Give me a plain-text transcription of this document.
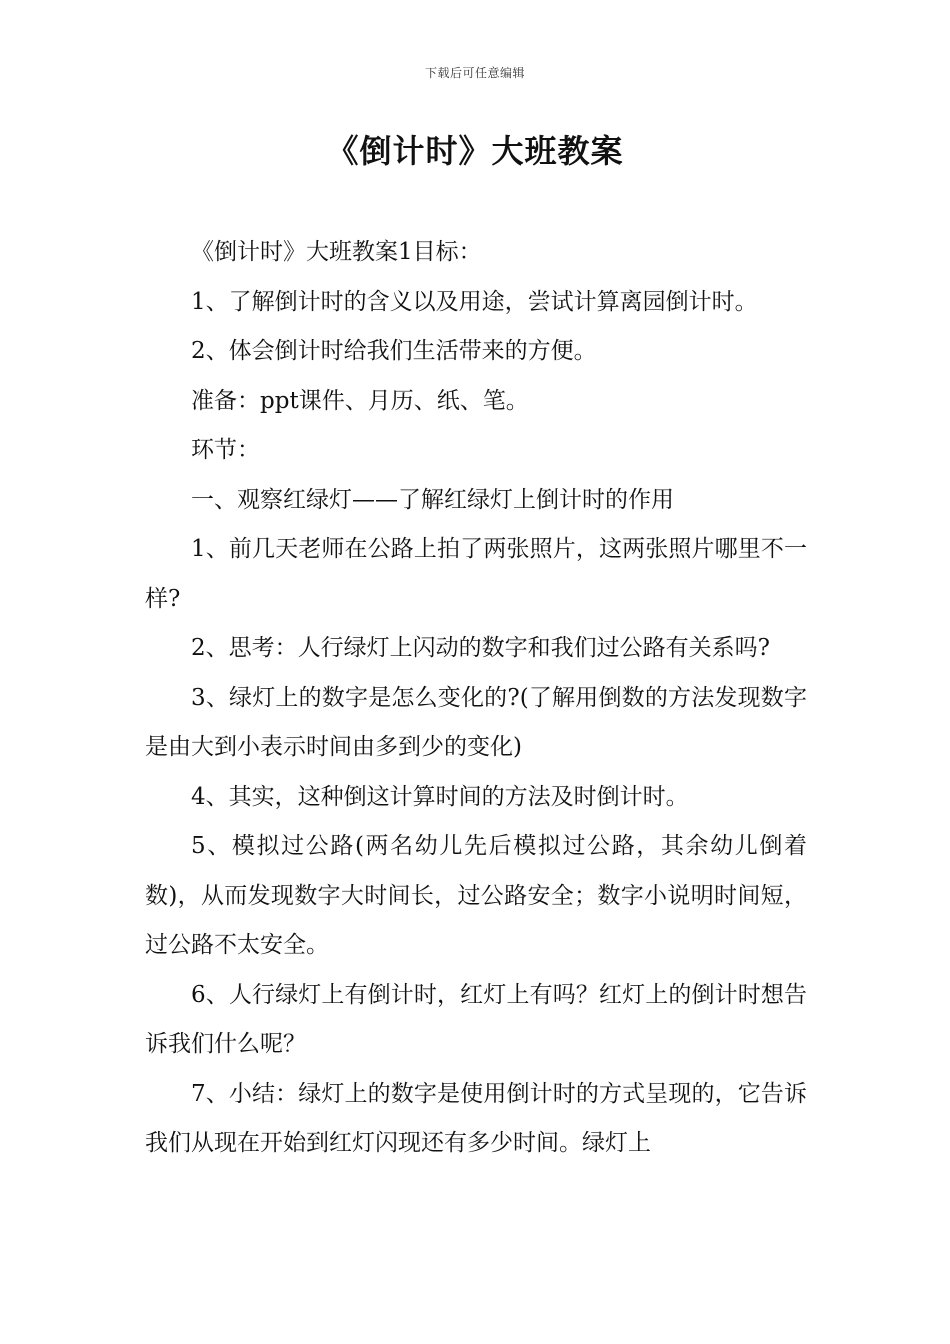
下载后可任意编辑
《倒计时》大班教案

《倒计时》大班教案1目标：

1、了解倒计时的含义以及用途，尝试计算离园倒计时。

2、体会倒计时给我们生活带来的方便。

准备：ppt课件、月历、纸、笔。

环节：

一、观察红绿灯——了解红绿灯上倒计时的作用

1、前几天老师在公路上拍了两张照片，这两张照片哪里不一样?

2、思考：人行绿灯上闪动的数字和我们过公路有关系吗?

3、绿灯上的数字是怎么变化的?(了解用倒数的方法发现数字是由大到小表示时间由多到少的变化)

4、其实，这种倒这计算时间的方法及时倒计时。

5、模拟过公路(两名幼儿先后模拟过公路，其余幼儿倒着数)，从而发现数字大时间长，过公路安全；数字小说明时间短，过公路不太安全。

6、人行绿灯上有倒计时，红灯上有吗？红灯上的倒计时想告诉我们什么呢？

7、小结：绿灯上的数字是使用倒计时的方式呈现的，它告诉我们从现在开始到红灯闪现还有多少时间。绿灯上
